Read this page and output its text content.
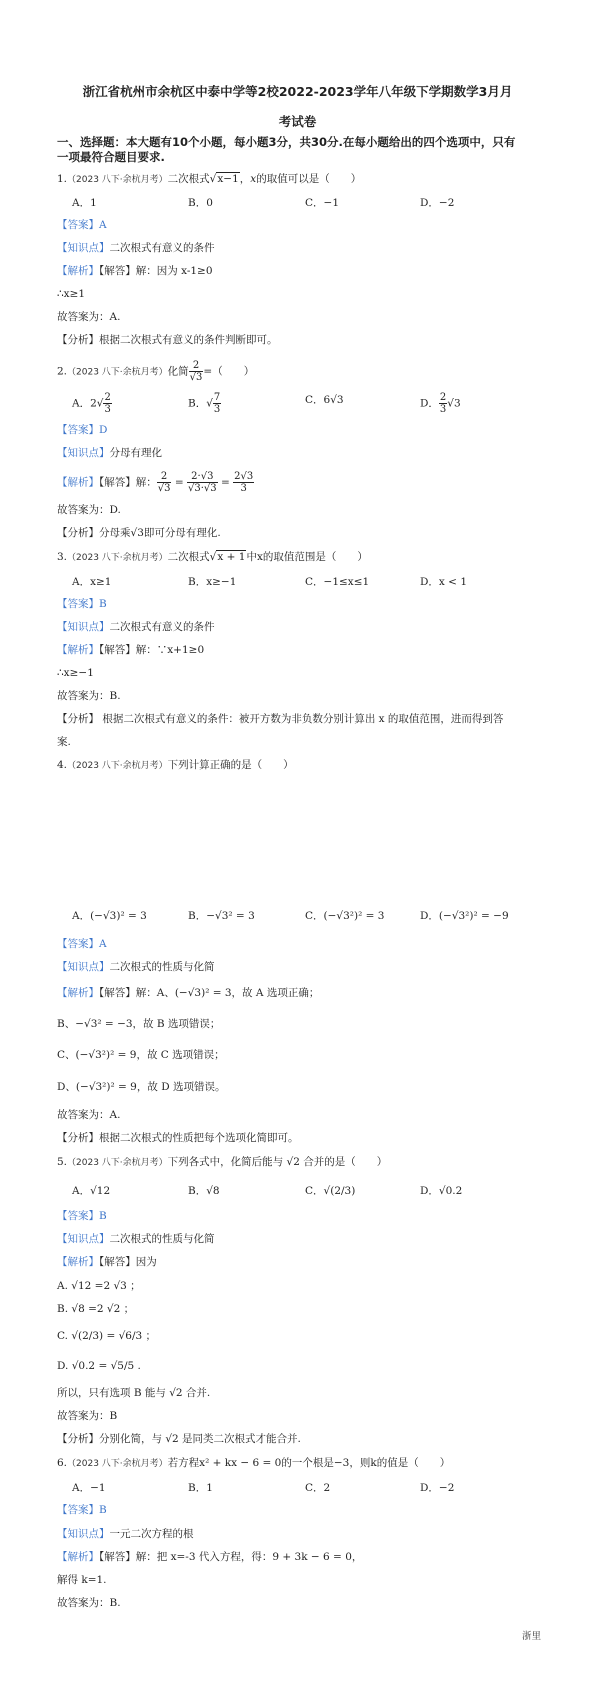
浙江省杭州市余杭区中泰中学等2校2022-2023学年八年级下学期数学3月月
考试卷
一、选择题：本大题有10个小题，每小题3分，共30分.在每小题给出的四个选项中，只有
一项最符合题目要求.
1.（2023 八下·余杭月考）二次根式√x−1，x的取值可以是（　　）
A．1	B．0	C．−1	D．−2
【答案】A
【知识点】二次根式有意义的条件
【解析】【解答】解：因为 x-1≥0
∴x≥1
故答案为：A.
【分析】根据二次根式有意义的条件判断即可。
2.（2023 八下·余杭月考）化简 $\frac{2}{√3}$ =（　　）
A．$2√ \frac{2}{3}$	B．√ $\frac{7}{3}$	C．6√3	D． $\frac{2}{3} √3$
【答案】D
【知识点】分母有理化
【解析】【解答】解： $\frac{2}{√3} = \frac{2\cdot√3}{√3\cdot√3} = \frac{2√3}{3}$
故答案为：D.
【分析】分母乘√3即可分母有理化.
3.（2023 八下·余杭月考）二次根式√x + 1中x的取值范围是（　　）
A．x≥1	B．x≥−1	C．−1≤x≤1	D．x < 1
【答案】B
【知识点】二次根式有意义的条件
【解析】【解答】解：∵x+1≥0
∴x≥−1
故答案为：B.
【分析】 根据二次根式有意义的条件：被开方数为非负数分别计算出 x 的取值范围，进而得到答
案.
4.（2023 八下·余杭月考）下列计算正确的是（　　）
A．(−√3)² = 3	B．−√3² = 3	C．(−√3²)² = 3	D．(−√3²)² = −9
【答案】A
【知识点】二次根式的性质与化简
【解析】【解答】解：A、(−√3)² = 3，故 A 选项正确；
B、−√3² = −3，故 B 选项错误；
C、(−√3²)² = 9，故 C 选项错误；
D、(−√3²)² = 9，故 D 选项错误。
故答案为：A.
【分析】根据二次根式的性质把每个选项化简即可。
5.（2023 八下·余杭月考）下列各式中，化简后能与 √2 合并的是（　　）
A．√12	B．√8	C．√(2/3)	D．√0.2
【答案】B
【知识点】二次根式的性质与化简
【解析】【解答】因为
A. √12 =2 √3 ；
B. √8 =2 √2 ；
C. √(2/3) = √6/3 ；
D. √0.2 = √5/5 .
所以，只有选项 B 能与 √2 合并.
故答案为：B
【分析】分别化简，与 √2 是同类二次根式才能合并.
6.（2023 八下·余杭月考）若方程x² + kx − 6 = 0的一个根是−3，则k的值是（　　）
A．−1	B．1	C．2	D．−2
【答案】B
【知识点】一元二次方程的根
【解析】【解答】解：把 x=-3 代入方程，得：9 + 3k − 6 = 0，
解得 k=1.
故答案为：B.
浙里
